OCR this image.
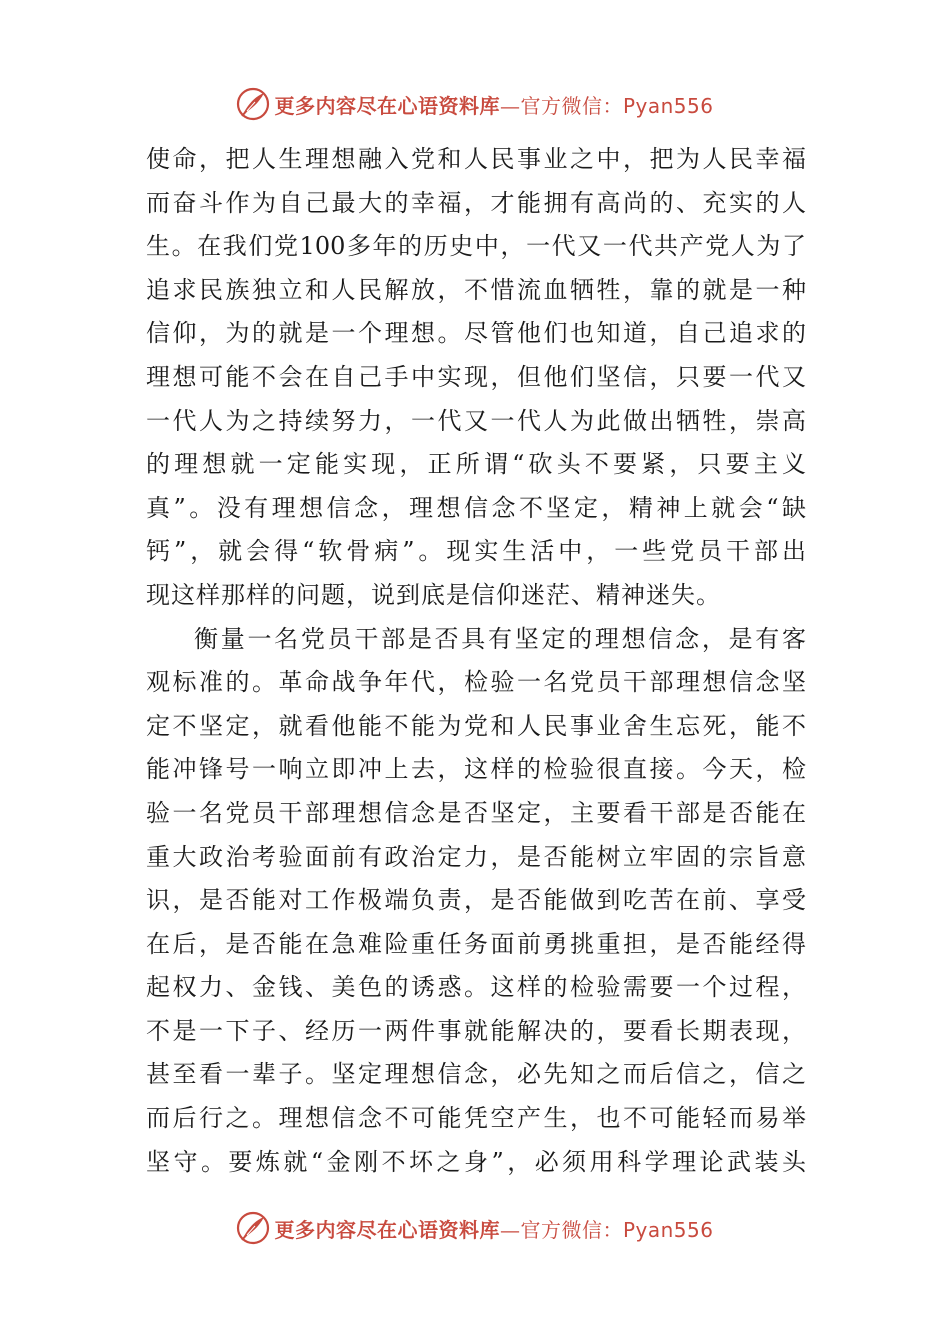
更多内容尽在心语资料库—官方微信：Pyan556
使命，把人生理想融入党和人民事业之中，把为人民幸福
而奋斗作为自己最大的幸福，才能拥有高尚的、充实的人
生。在我们党100多年的历史中，一代又一代共产党人为了
追求民族独立和人民解放，不惜流血牺牲，靠的就是一种
信仰，为的就是一个理想。尽管他们也知道，自己追求的
理想可能不会在自己手中实现，但他们坚信，只要一代又
一代人为之持续努力，一代又一代人为此做出牺牲，崇高
的理想就一定能实现，正所谓“砍头不要紧，只要主义
真”。没有理想信念，理想信念不坚定，精神上就会“缺
钙”，就会得“软骨病”。现实生活中，一些党员干部出
现这样那样的问题，说到底是信仰迷茫、精神迷失。
衡量一名党员干部是否具有坚定的理想信念，是有客
观标准的。革命战争年代，检验一名党员干部理想信念坚
定不坚定，就看他能不能为党和人民事业舍生忘死，能不
能冲锋号一响立即冲上去，这样的检验很直接。今天，检
验一名党员干部理想信念是否坚定，主要看干部是否能在
重大政治考验面前有政治定力，是否能树立牢固的宗旨意
识，是否能对工作极端负责，是否能做到吃苦在前、享受
在后，是否能在急难险重任务面前勇挑重担，是否能经得
起权力、金钱、美色的诱惑。这样的检验需要一个过程，
不是一下子、经历一两件事就能解决的，要看长期表现，
甚至看一辈子。坚定理想信念，必先知之而后信之，信之
而后行之。理想信念不可能凭空产生，也不可能轻而易举
坚守。要炼就“金刚不坏之身”，必须用科学理论武装头
更多内容尽在心语资料库—官方微信：Pyan556
